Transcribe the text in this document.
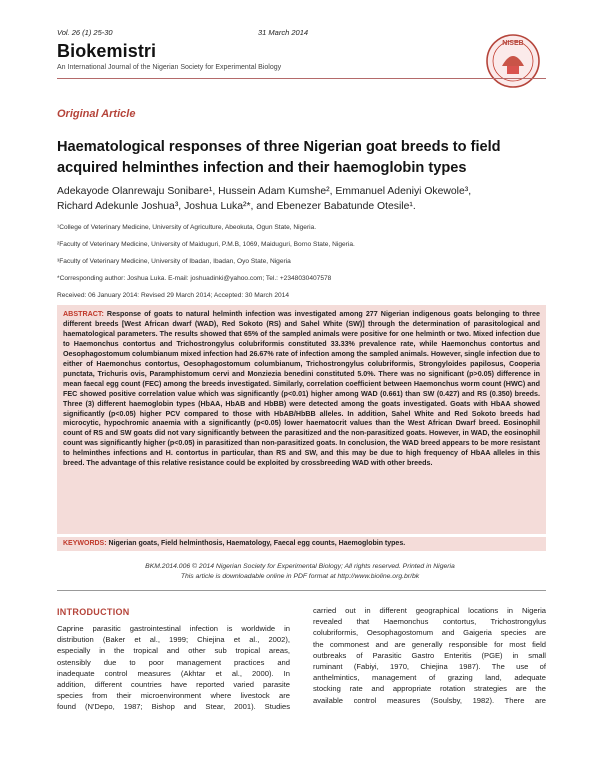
Vol. 26 (1) 25-30	31 March 2014
Biokemistri
An International Journal of the Nigerian Society for Experimental Biology
NISEB
Original Article
Haematological responses of three Nigerian goat breeds to field acquired helminthes infection and their haemoglobin types
Adekayode Olanrewaju Sonibare¹, Hussein Adam Kumshe², Emmanuel Adeniyi Okewole³,
Richard Adekunle Joshua³, Joshua Luka²*, and Ebenezer Babatunde Otesile¹.
¹College of Veterinary Medicine, University of Agriculture, Abeokuta, Ogun State, Nigeria.
²Faculty of Veterinary Medicine, University of Maiduguri, P.M.B, 1069, Maiduguri, Borno State, Nigeria.
³Faculty of Veterinary Medicine, University of Ibadan, Ibadan, Oyo State, Nigeria
*Corresponding author: Joshua Luka. E-mail: joshuadinki@yahoo.com; Tel.: +2348030407578
Received: 06 January 2014: Revised 29 March 2014; Accepted: 30 March 2014

ABSTRACT: Response of goats to natural helminth infection was investigated among 277 Nigerian indigenous goats belonging to three different breeds [West African dwarf (WAD), Red Sokoto (RS) and Sahel White (SW)] through the determination of parasitological and haematological parameters. The results showed that 65% of the sampled animals were positive for one helminth or two. Mixed infection due to Haemonchus contortus and Trichostrongylus colubriformis constituted 33.33% prevalence rate, while Haemonchus contortus and Oesophagostomum columbianum mixed infection had 26.67% rate of infection among the sampled animals. However, single infection due to either of Haemonchus contortus, Oesophagostomum columbianum, Trichostrongylus colubriformis, Strongyloides papilosus, Cooperia punctata, Trichuris ovis, Paramphistomum cervi and Monziezia benedini constituted 5.0%. There was no significant (p>0.05) difference in mean faecal egg count (FEC) among the breeds investigated. Similarly, correlation coefficient between Haemonchus worm count (HWC) and FEC showed positive correlation value which was significantly (p<0.01) higher among WAD (0.661) than SW (0.427) and RS (0.350) breeds. Three (3) different haemoglobin types (HbAA, HbAB and HbBB) were detected among the goats investigated. Goats with HbAA showed significantly (p<0.05) higher PCV compared to those with HbAB/HbBB alleles. In addition, Sahel White and Red Sokoto breeds had microcytic, hypochromic anaemia with a significantly (p<0.05) lower haematocrit values than the West African Dwarf breed. Eosinophil count of RS and SW goats did not vary significantly between the parasitized and the non-parasitized goats. However, in WAD, the eosinophil count was significantly higher (p<0.05) in parasitized than non-parasitized goats. In conclusion, the WAD breed appears to be more resistant to helminthes infections and H. contortus in particular, than RS and SW, and this may be due to high frequency of HbAA alleles in this breed. The advantage of this relative resistance could be exploited by crossbreeding WAD with other breeds.

KEYWORDS: Nigerian goats, Field helminthosis, Haematology, Faecal egg counts, Haemoglobin types.
BKM.2014.006 © 2014 Nigerian Society for Experimental Biology; All rights reserved. Printed in Nigeria
This article is downloadable online in PDF format at http://www.bioline.org.br/bk
INTRODUCTION
Caprine parasitic gastrointestinal infection is worldwide in
distribution (Baker et al., 1999; Chiejina et al., 2002),
especially in the tropical and other sub tropical areas,
ostensibly due to poor management practices and
inadequate control measures (Akhtar et al., 2000). In
addition, different countries have reported varied parasite
species from their microenvironment where livestock are
found (N'Depo, 1987; Bishop and Stear, 2001). Studies
carried out in different geographical locations in Nigeria
revealed that Haemonchus contortus, Trichostrongylus
colubriformis, Oesophagostomum and Gaigeria species are
the commonest and are generally responsible for most field
outbreaks of Parasitic Gastro Enteritis (PGE) in small
ruminant (Fabiyi, 1970, Chiejina 1987). The use of
anthelmintics, management of grazing land, adequate
stocking rate and appropriate rotation strategies are the
available control measures (Soulsby, 1982). There are
